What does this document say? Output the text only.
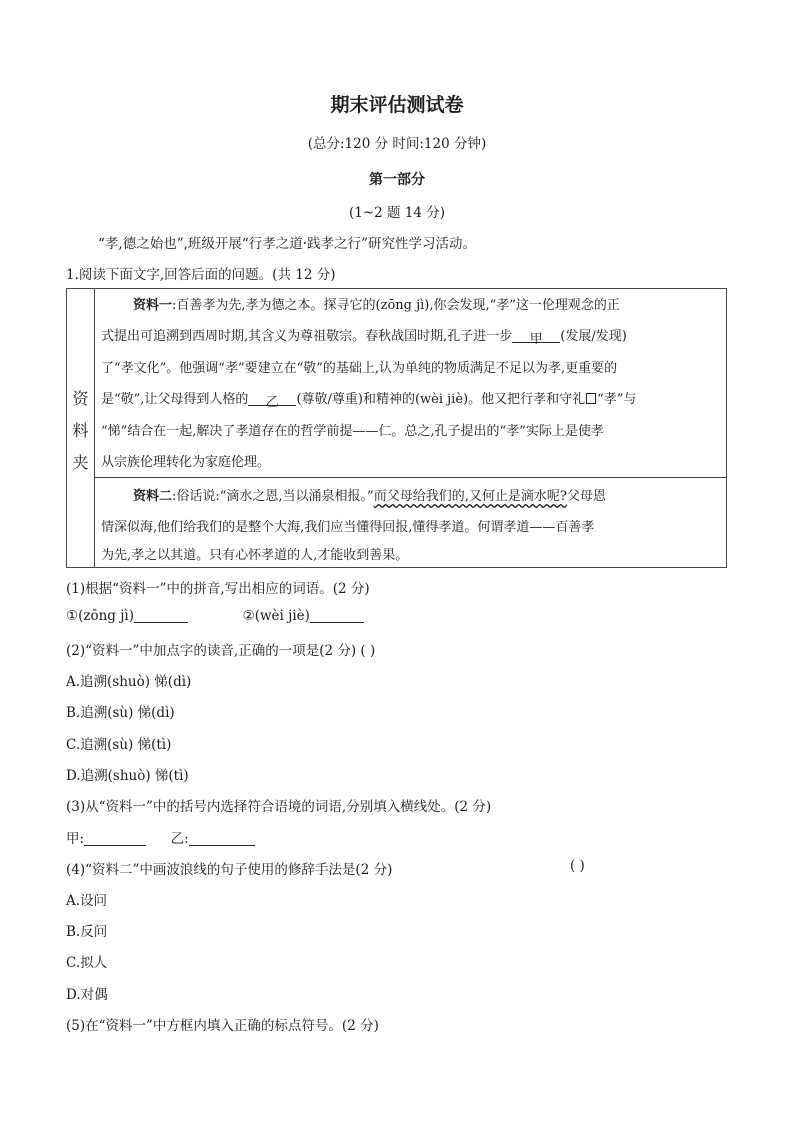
期末评估测试卷
(总分:120 分 时间:120 分钟)
第一部分
(1~2 题 14 分)
“孝,德之始也”,班级开展“行孝之道·践孝之行”研究性学习活动。
1.阅读下面文字,回答后面的问题。(共 12 分)
资
料
夹
资料一:百善孝为先,孝为德之本。探寻它的(zōng jì),你会发现,“孝”这一伦理观念的正
式提出可追溯到西周时期,其含义为尊祖敬宗。春秋战国时期,孔子进一步 甲 (发展/发现)
了“孝文化”。他强调“孝”要建立在“敬”的基础上,认为单纯的物质满足不足以为孝,更重要的
是“敬”,让父母得到人格的 乙 (尊敬/尊重)和精神的(wèi jiè)。他又把行孝和守礼 “孝”与
“悌”结合在一起,解决了孝道存在的哲学前提——仁。总之,孔子提出的“孝”实际上是使孝
从宗族伦理转化为家庭伦理。
资料二:俗话说:“滴水之恩,当以涌泉相报。”而父母给我们的,又何止是滴水呢?父母恩
情深似海,他们给我们的是整个大海,我们应当懂得回报,懂得孝道。何谓孝道——百善孝
为先,孝之以其道。只有心怀孝道的人,才能收到善果。
(1)根据“资料一”中的拼音,写出相应的词语。(2 分)
①(zōng jì)	②(wèi jiè)
(2)“资料一”中加点字的读音,正确的一项是(2 分) ( )
A.追溯(shuò) 悌(dì)
B.追溯(sù) 悌(dì)
C.追溯(sù) 悌(tì)
D.追溯(shuò) 悌(tì)
(3)从“资料一”中的括号内选择符合语境的词语,分别填入横线处。(2 分)
甲:	乙:
(4)“资料二”中画波浪线的句子使用的修辞手法是(2 分)	( )
A.设问
B.反问
C.拟人
D.对偶
(5)在“资料一”中方框内填入正确的标点符号。(2 分)
